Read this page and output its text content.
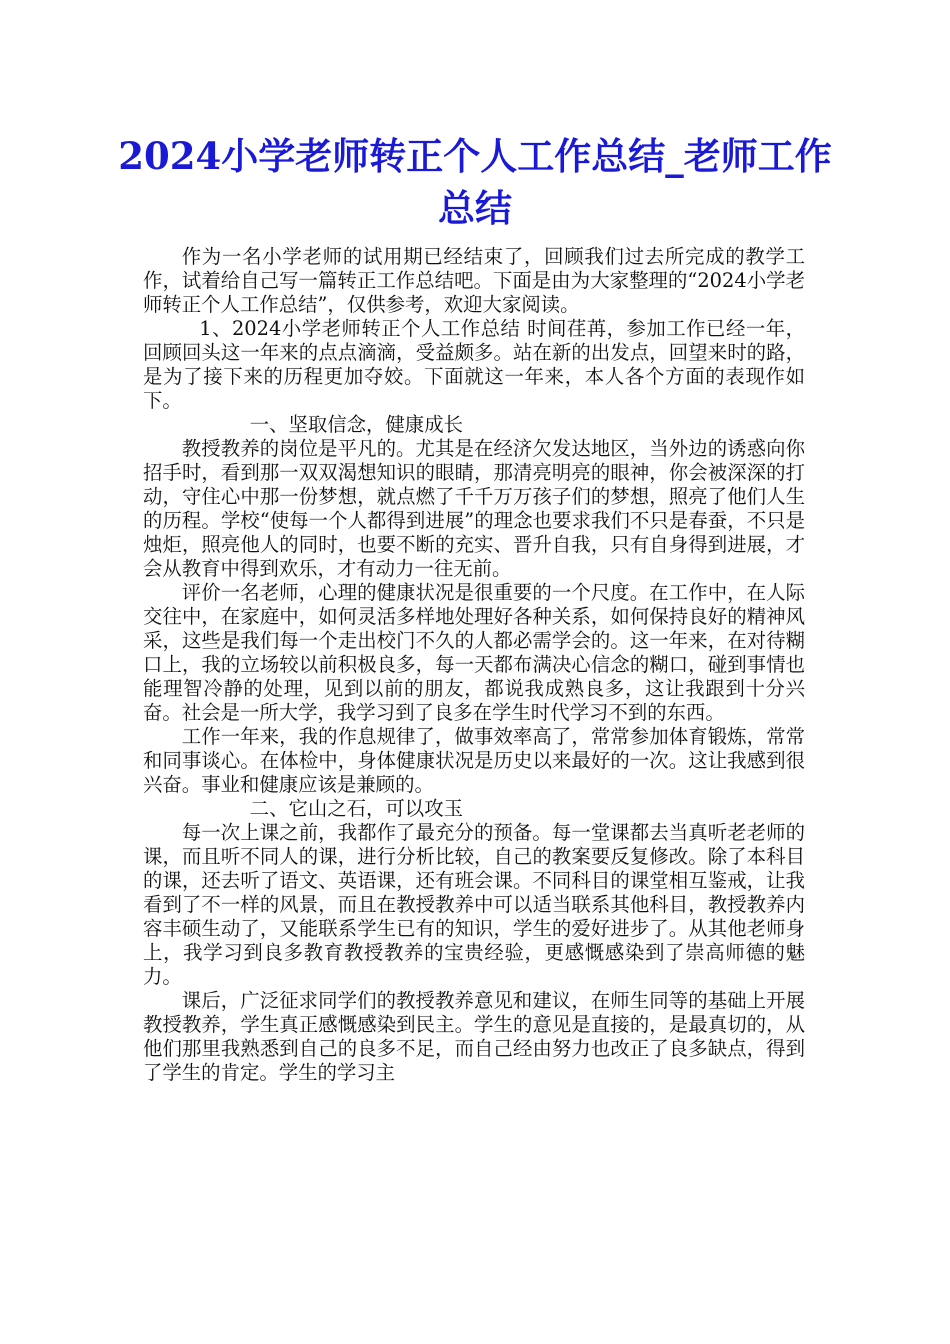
2024小学老师转正个人工作总结_老师工作总结

作为一名小学老师的试用期已经结束了，回顾我们过去所完成的教学工作，试着给自己写一篇转正工作总结吧。下面是由为大家整理的“2024小学老师转正个人工作总结”，仅供参考，欢迎大家阅读。

1、2024小学老师转正个人工作总结 时间荏苒，参加工作已经一年，回顾回头这一年来的点点滴滴，受益颇多。站在新的出发点，回望来时的路，是为了接下来的历程更加夺姣。下面就这一年来，本人各个方面的表现作如下。

一、坚取信念，健康成长

教授教养的岗位是平凡的。尤其是在经济欠发达地区，当外边的诱惑向你招手时，看到那一双双渴想知识的眼睛，那清亮明亮的眼神，你会被深深的打动，守住心中那一份梦想，就点燃了千千万万孩子们的梦想，照亮了他们人生的历程。学校“使每一个人都得到进展”的理念也要求我们不只是春蚕，不只是烛炬，照亮他人的同时，也要不断的充实、晋升自我，只有自身得到进展，才会从教育中得到欢乐，才有动力一往无前。

评价一名老师，心理的健康状况是很重要的一个尺度。在工作中，在人际交往中，在家庭中，如何灵活多样地处理好各种关系，如何保持良好的精神风采，这些是我们每一个走出校门不久的人都必需学会的。这一年来，在对待糊口上，我的立场较以前积极良多，每一天都布满决心信念的糊口，碰到事情也能理智冷静的处理，见到以前的朋友，都说我成熟良多，这让我跟到十分兴奋。社会是一所大学，我学习到了良多在学生时代学习不到的东西。

工作一年来，我的作息规律了，做事效率高了，常常参加体育锻炼，常常和同事谈心。在体检中，身体健康状况是历史以来最好的一次。这让我感到很兴奋。事业和健康应该是兼顾的。

二、它山之石，可以攻玉

每一次上课之前，我都作了最充分的预备。每一堂课都去当真听老老师的课，而且听不同人的课，进行分析比较，自己的教案要反复修改。除了本科目的课，还去听了语文、英语课，还有班会课。不同科目的课堂相互鉴戒，让我看到了不一样的风景，而且在教授教养中可以适当联系其他科目，教授教养内容丰硕生动了，又能联系学生已有的知识，学生的爱好进步了。从其他老师身上，我学习到良多教育教授教养的宝贵经验，更感慨感染到了崇高师德的魅力。

课后，广泛征求同学们的教授教养意见和建议，在师生同等的基础上开展教授教养，学生真正感慨感染到民主。学生的意见是直接的，是最真切的，从他们那里我熟悉到自己的良多不足，而自己经由努力也改正了良多缺点，得到了学生的肯定。学生的学习主
